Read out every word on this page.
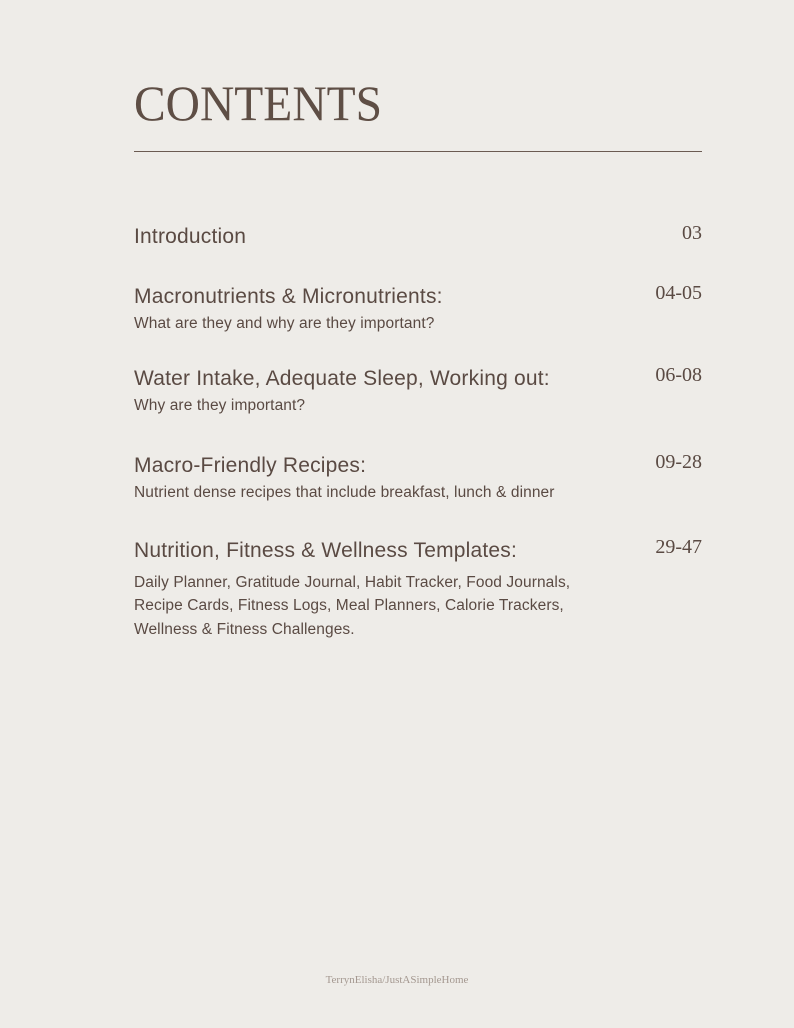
CONTENTS
Introduction	03
Macronutrients & Micronutrients:	04-05
What are they and why are they important?
Water Intake, Adequate Sleep, Working out:	06-08
Why are they important?
Macro-Friendly Recipes:	09-28
Nutrient dense recipes that include breakfast, lunch & dinner
Nutrition, Fitness & Wellness Templates:	29-47
Daily Planner, Gratitude Journal, Habit Tracker, Food Journals, Recipe Cards, Fitness Logs, Meal Planners, Calorie Trackers, Wellness & Fitness Challenges.
TerrynElisha/JustASimpleHome
